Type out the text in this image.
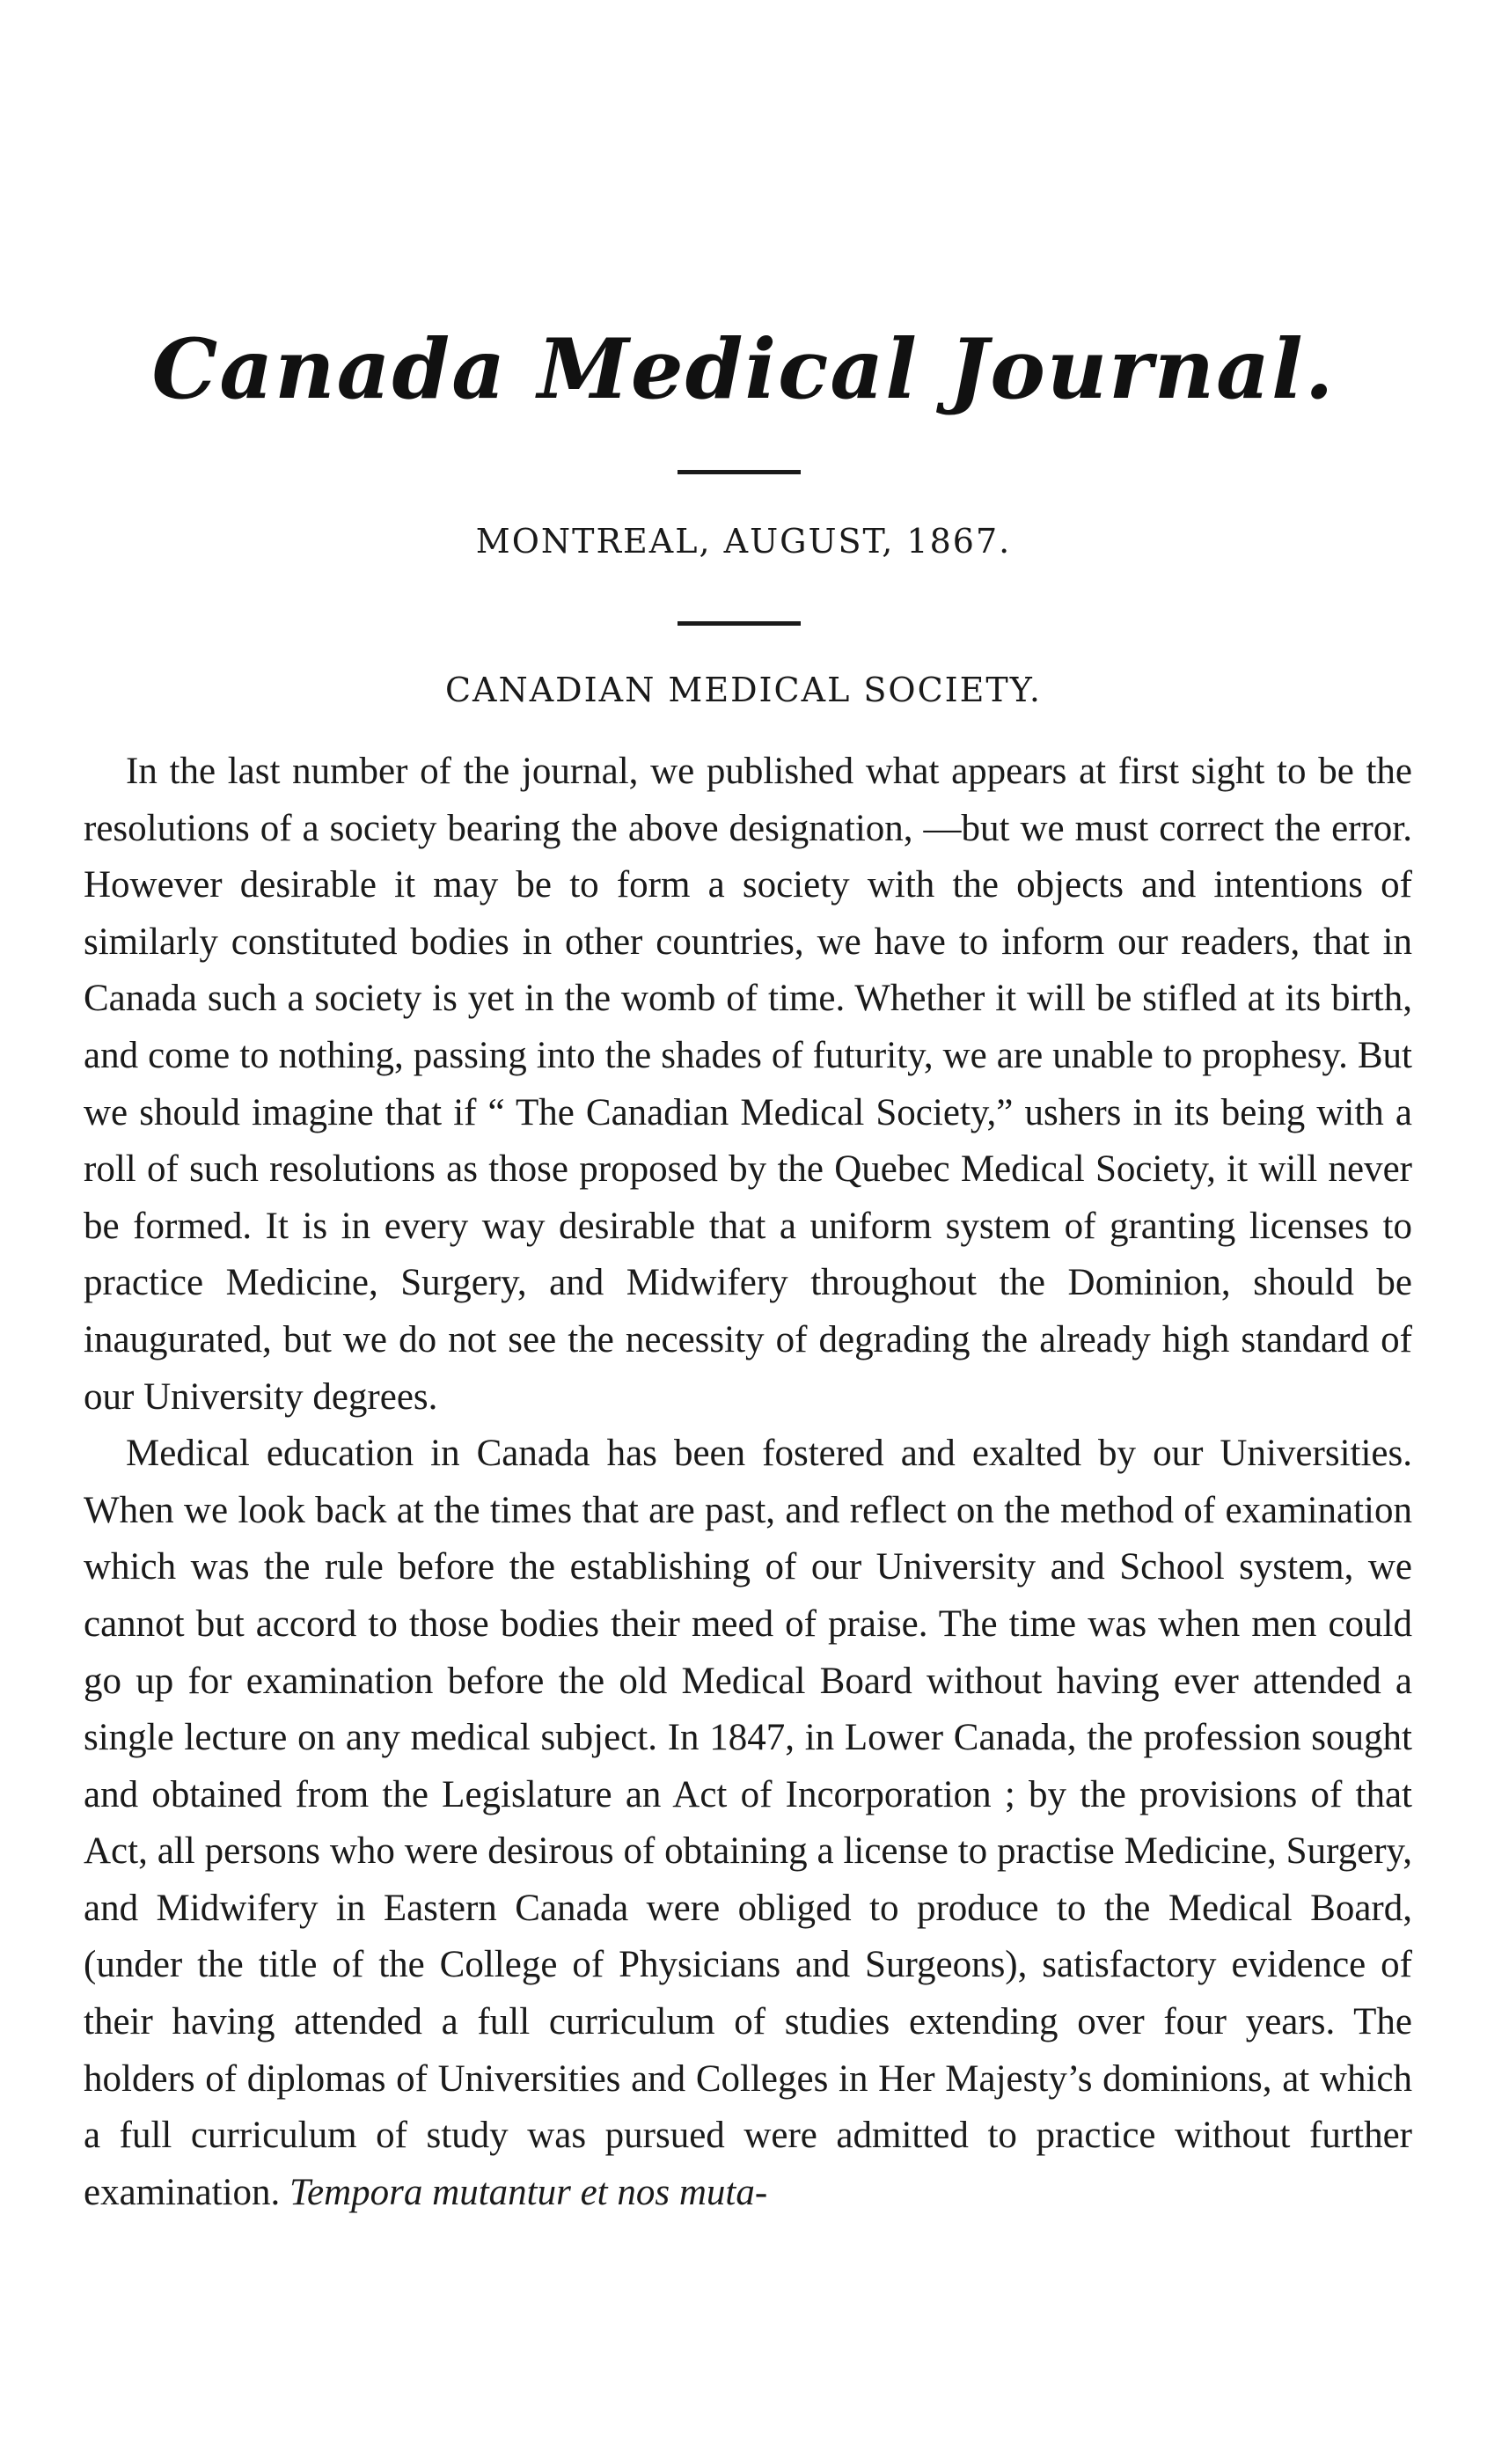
Canada Medical Journal.
MONTREAL, AUGUST, 1867.
CANADIAN MEDICAL SOCIETY.

In the last number of the journal, we published what appears at first sight to be the resolutions of a society bearing the above designation, —but we must correct the error. However desirable it may be to form a society with the objects and intentions of similarly constituted bodies in other countries, we have to inform our readers, that in Canada such a society is yet in the womb of time. Whether it will be stifled at its birth, and come to nothing, passing into the shades of futurity, we are unable to prophesy. But we should imagine that if “ The Canadian Medical Society,” ushers in its being with a roll of such resolutions as those proposed by the Quebec Medical Society, it will never be formed. It is in every way desirable that a uniform system of granting licenses to practice Medicine, Surgery, and Midwifery throughout the Dominion, should be inaugurated, but we do not see the necessity of degrading the already high standard of our University degrees.

Medical education in Canada has been fostered and exalted by our Universities. When we look back at the times that are past, and reflect on the method of examination which was the rule before the establishing of our University and School system, we cannot but accord to those bodies their meed of praise. The time was when men could go up for examination before the old Medical Board without having ever attended a single lecture on any medical subject. In 1847, in Lower Canada, the profession sought and obtained from the Legislature an Act of Incorporation ; by the provisions of that Act, all persons who were desirous of obtaining a license to practise Medicine, Surgery, and Midwifery in Eastern Canada were obliged to produce to the Medical Board, (under the title of the College of Physicians and Surgeons), satisfactory evidence of their having attended a full curriculum of studies extending over four years. The holders of diplomas of Universities and Colleges in Her Majesty’s dominions, at which a full curriculum of study was pursued were admitted to practice without further examination. Tempora mutantur et nos muta-
